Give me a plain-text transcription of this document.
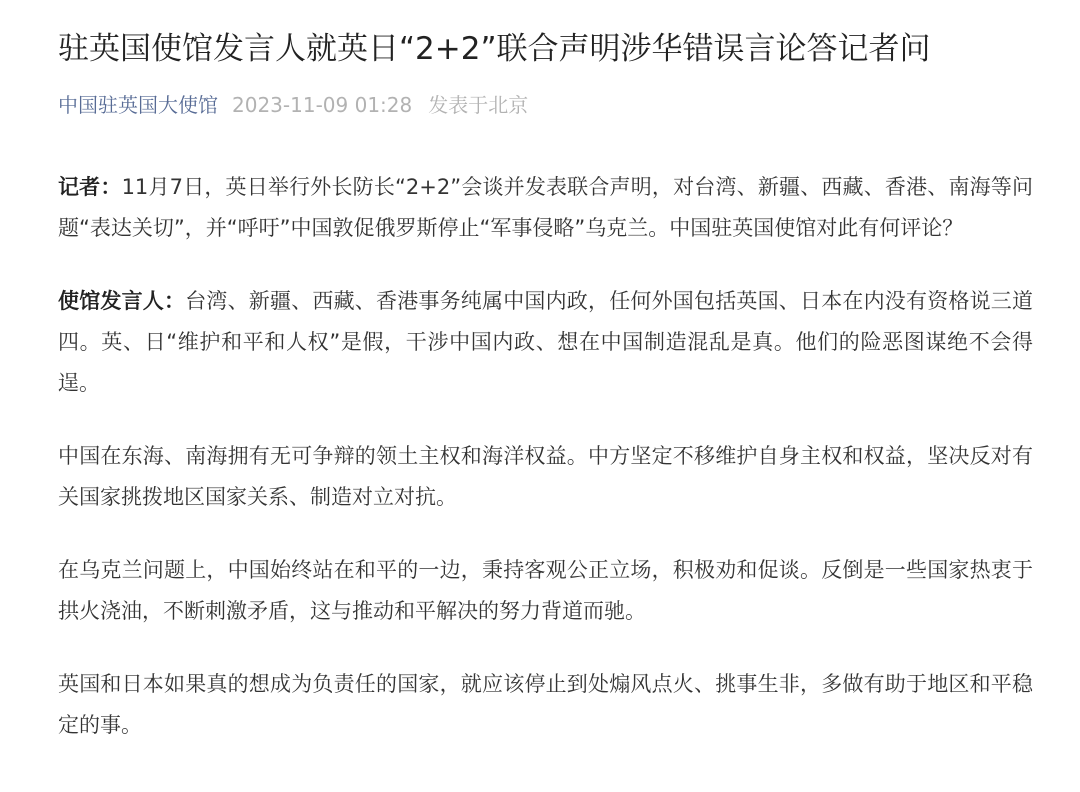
驻英国使馆发言人就英日“2+2”联合声明涉华错误言论答记者问
中国驻英国大使馆 2023-11-09 01:28 发表于北京

记者：11月7日，英日举行外长防长“2+2”会谈并发表联合声明，对台湾、新疆、西藏、香港、南海等问题“表达关切”，并“呼吁”中国敦促俄罗斯停止“军事侵略”乌克兰。中国驻英国使馆对此有何评论？

使馆发言人：台湾、新疆、西藏、香港事务纯属中国内政，任何外国包括英国、日本在内没有资格说三道四。英、日“维护和平和人权”是假，干涉中国内政、想在中国制造混乱是真。他们的险恶图谋绝不会得逞。

中国在东海、南海拥有无可争辩的领土主权和海洋权益。中方坚定不移维护自身主权和权益，坚决反对有关国家挑拨地区国家关系、制造对立对抗。

在乌克兰问题上，中国始终站在和平的一边，秉持客观公正立场，积极劝和促谈。反倒是一些国家热衷于拱火浇油，不断刺激矛盾，这与推动和平解决的努力背道而驰。

英国和日本如果真的想成为负责任的国家，就应该停止到处煽风点火、挑事生非，多做有助于地区和平稳定的事。
